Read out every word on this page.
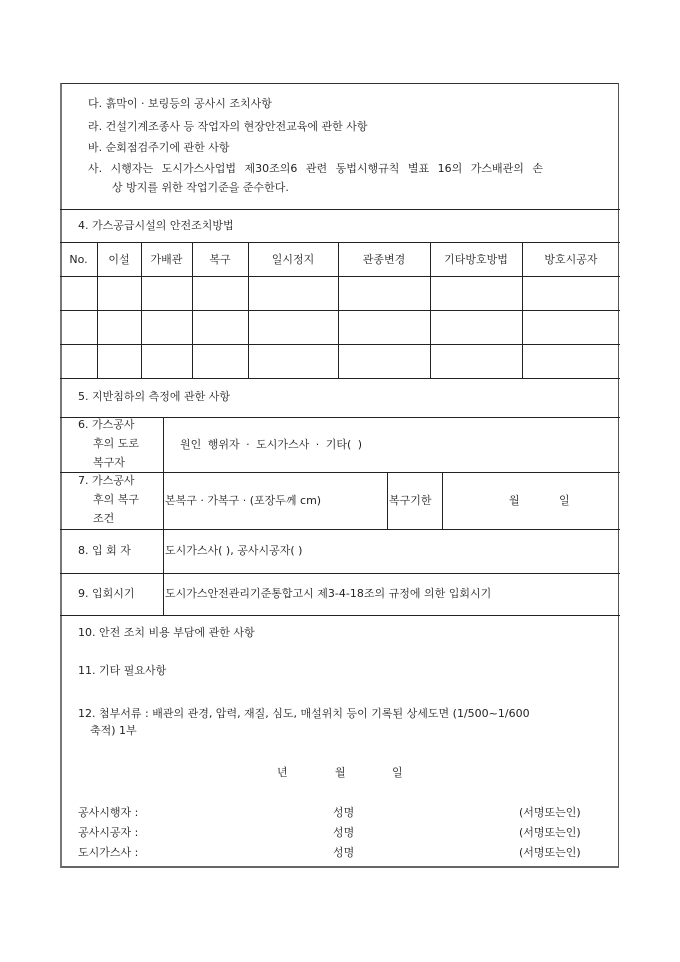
다. 흙막이 · 보링등의 공사시 조치사항
라. 건설기계조종사 등 작업자의 현장안전교육에 관한 사항
바. 순회점검주기에 관한 사항
사. 시행자는 도시가스사업법 제30조의6 관련 동법시행규칙 별표 16의 가스배관의 손
상 방지를 위한 작업기준을 준수한다.
4. 가스공급시설의 안전조치방법
No.	이설	가배관	복구	일시정지	관종변경	기타방호방법	방호시공자
5. 지반침하의 측정에 관한 사항
6. 가스공사
후의 도로
복구자
원인 행위자 · 도시가스사 · 기타( )
7. 가스공사
후의 복구
조건
본복구 · 가복구 · (포장두께 cm)	복구기한	월	일
8. 입 회 자	도시가스사( ), 공사시공자( )
9. 입회시기	도시가스안전관리기준통합고시 제3-4-18조의 규정에 의한 입회시기
10. 안전 조치 비용 부담에 관한 사항
11. 기타 필요사항
12. 첨부서류 : 배관의 관경, 압력, 재질, 심도, 매설위치 등이 기록된 상세도면 (1/500~1/600
축적) 1부
년	월	일
공사시행자 :	성명	(서명또는인)
공사시공자 :	성명	(서명또는인)
도시가스사 :	성명	(서명또는인)
